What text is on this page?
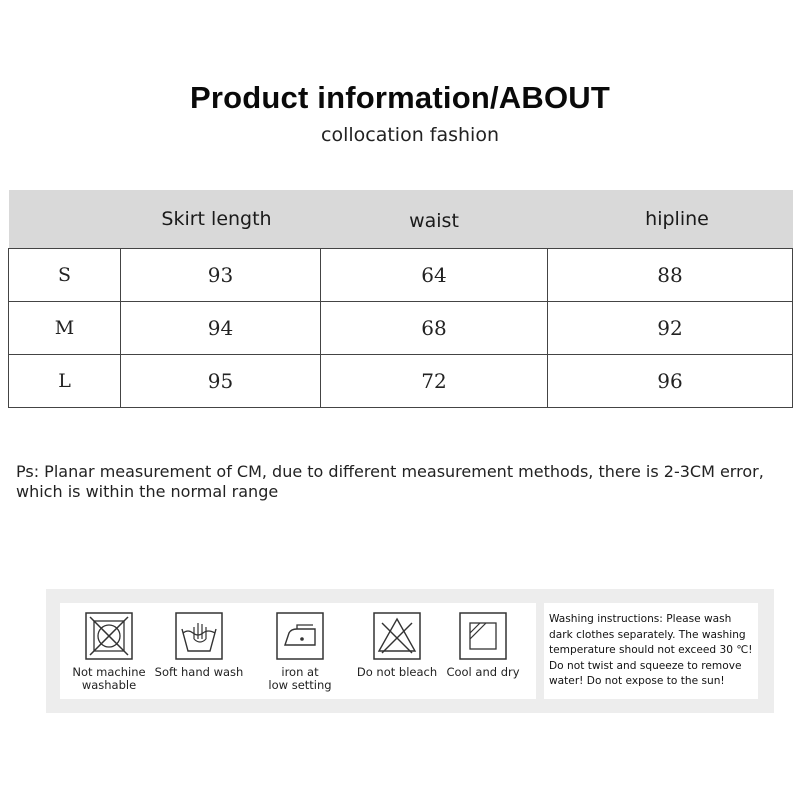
Product information/ABOUT
collocation fashion
	Skirt length	waist	hipline
S	93	64	88
M	94	68	92
L	95	72	96
Ps: Planar measurement of CM, due to different measurement methods, there is 2-3CM error, which is within the normal range
Not machine
washable
Soft hand wash	iron at
low setting
Do not bleach Cool and dry
Washing instructions: Please wash dark clothes separately. The washing temperature should not exceed 30 ℃! Do not twist and squeeze to remove water! Do not expose to the sun!
